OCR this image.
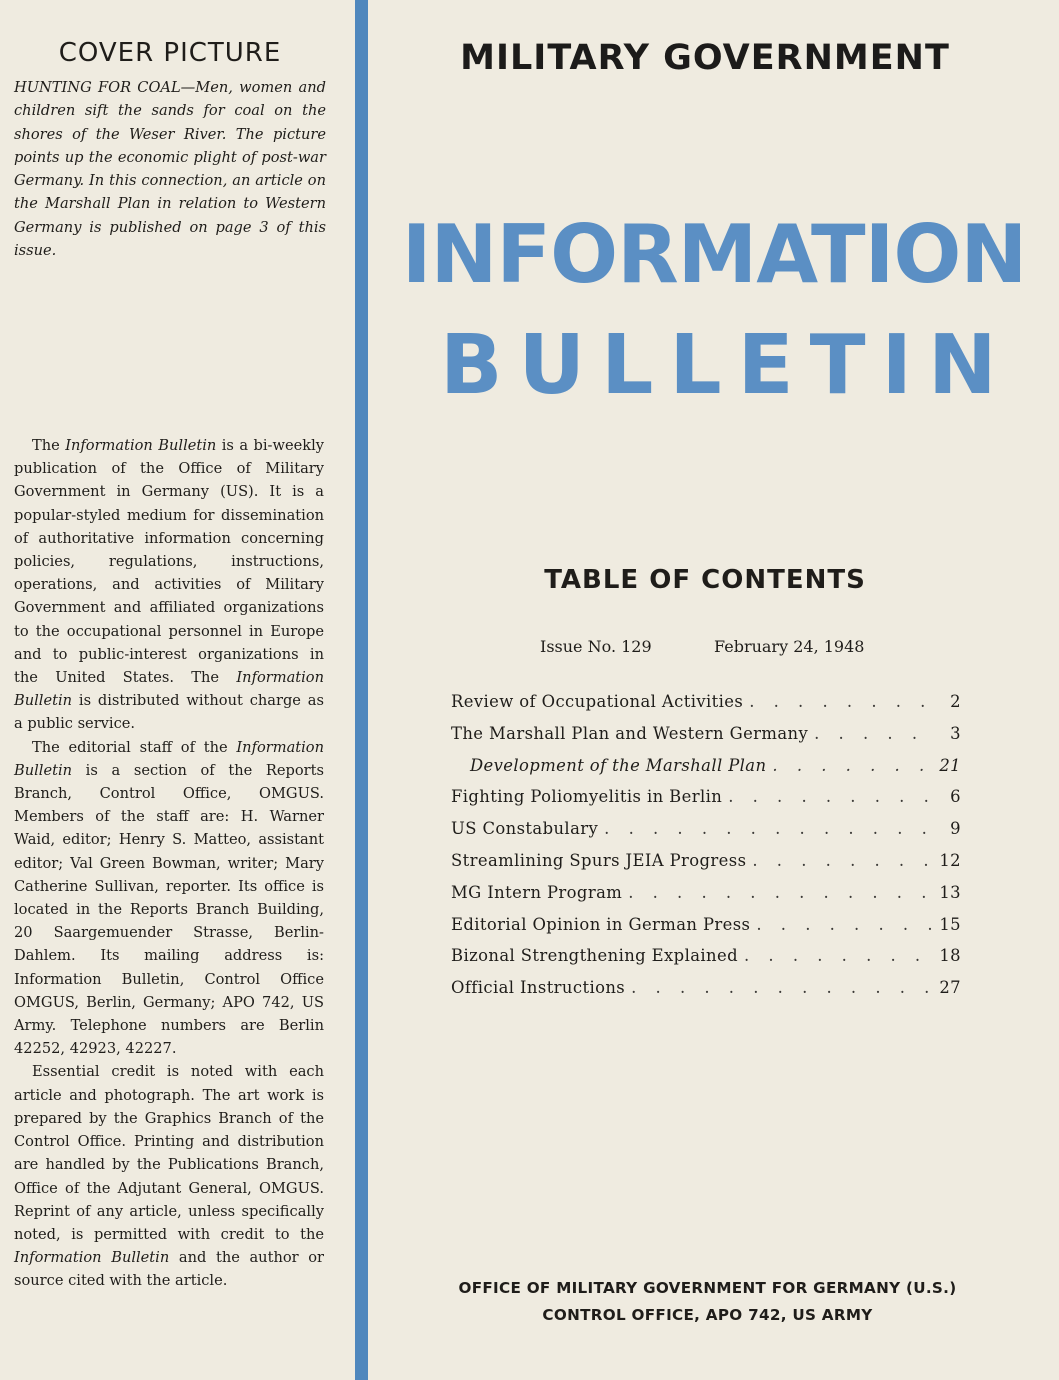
COVER PICTURE

HUNTING FOR COAL—Men, women and children sift the sands for coal on the shores of the Weser River. The picture points up the economic plight of post-war Germany. In this connection, an article on the Marshall Plan in relation to Western Germany is published on page 3 of this issue.

The Information Bulletin is a bi-weekly publication of the Office of Military Government in Germany (US). It is a popular-styled medium for dissemination of authoritative information concerning policies, regulations, instructions, operations, and activities of Military Government and affiliated organizations to the occupational personnel in Europe and to public-interest organizations in the United States. The Information Bulletin is distributed without charge as a public service.

The editorial staff of the Information Bulletin is a section of the Reports Branch, Control Office, OMGUS. Members of the staff are: H. Warner Waid, editor; Henry S. Matteo, assistant editor; Val Green Bowman, writer; Mary Catherine Sullivan, reporter. Its office is located in the Reports Branch Building, 20 Saargemuender Strasse, Berlin-Dahlem. Its mailing address is: Information Bulletin, Control Office OMGUS, Berlin, Germany; APO 742, US Army. Telephone numbers are Berlin 42252, 42923, 42227.

Essential credit is noted with each article and photograph. The art work is prepared by the Graphics Branch of the Control Office. Printing and distribution are handled by the Publications Branch, Office of the Adjutant General, OMGUS. Reprint of any article, unless specifically noted, is permitted with credit to the Information Bulletin and the author or source cited with the article.

MILITARY GOVERNMENT
INFORMATION
BULLETIN
TABLE OF CONTENTS
Issue No. 129	February 24, 1948
Review of Occupational Activities . . .	2
The Marshall Plan and Western Germany . . .	3
Development of the Marshall Plan . . .	21
Fighting Poliomyelitis in Berlin . . .	6
US Constabulary . . .	9
Streamlining Spurs JEIA Progress . . .	12
MG Intern Program . . .	13
Editorial Opinion in German Press . . .	15
Bizonal Strengthening Explained . . .	18
Official Instructions . . .	27
OFFICE OF MILITARY GOVERNMENT FOR GERMANY (U.S.)
CONTROL OFFICE, APO 742, US ARMY
